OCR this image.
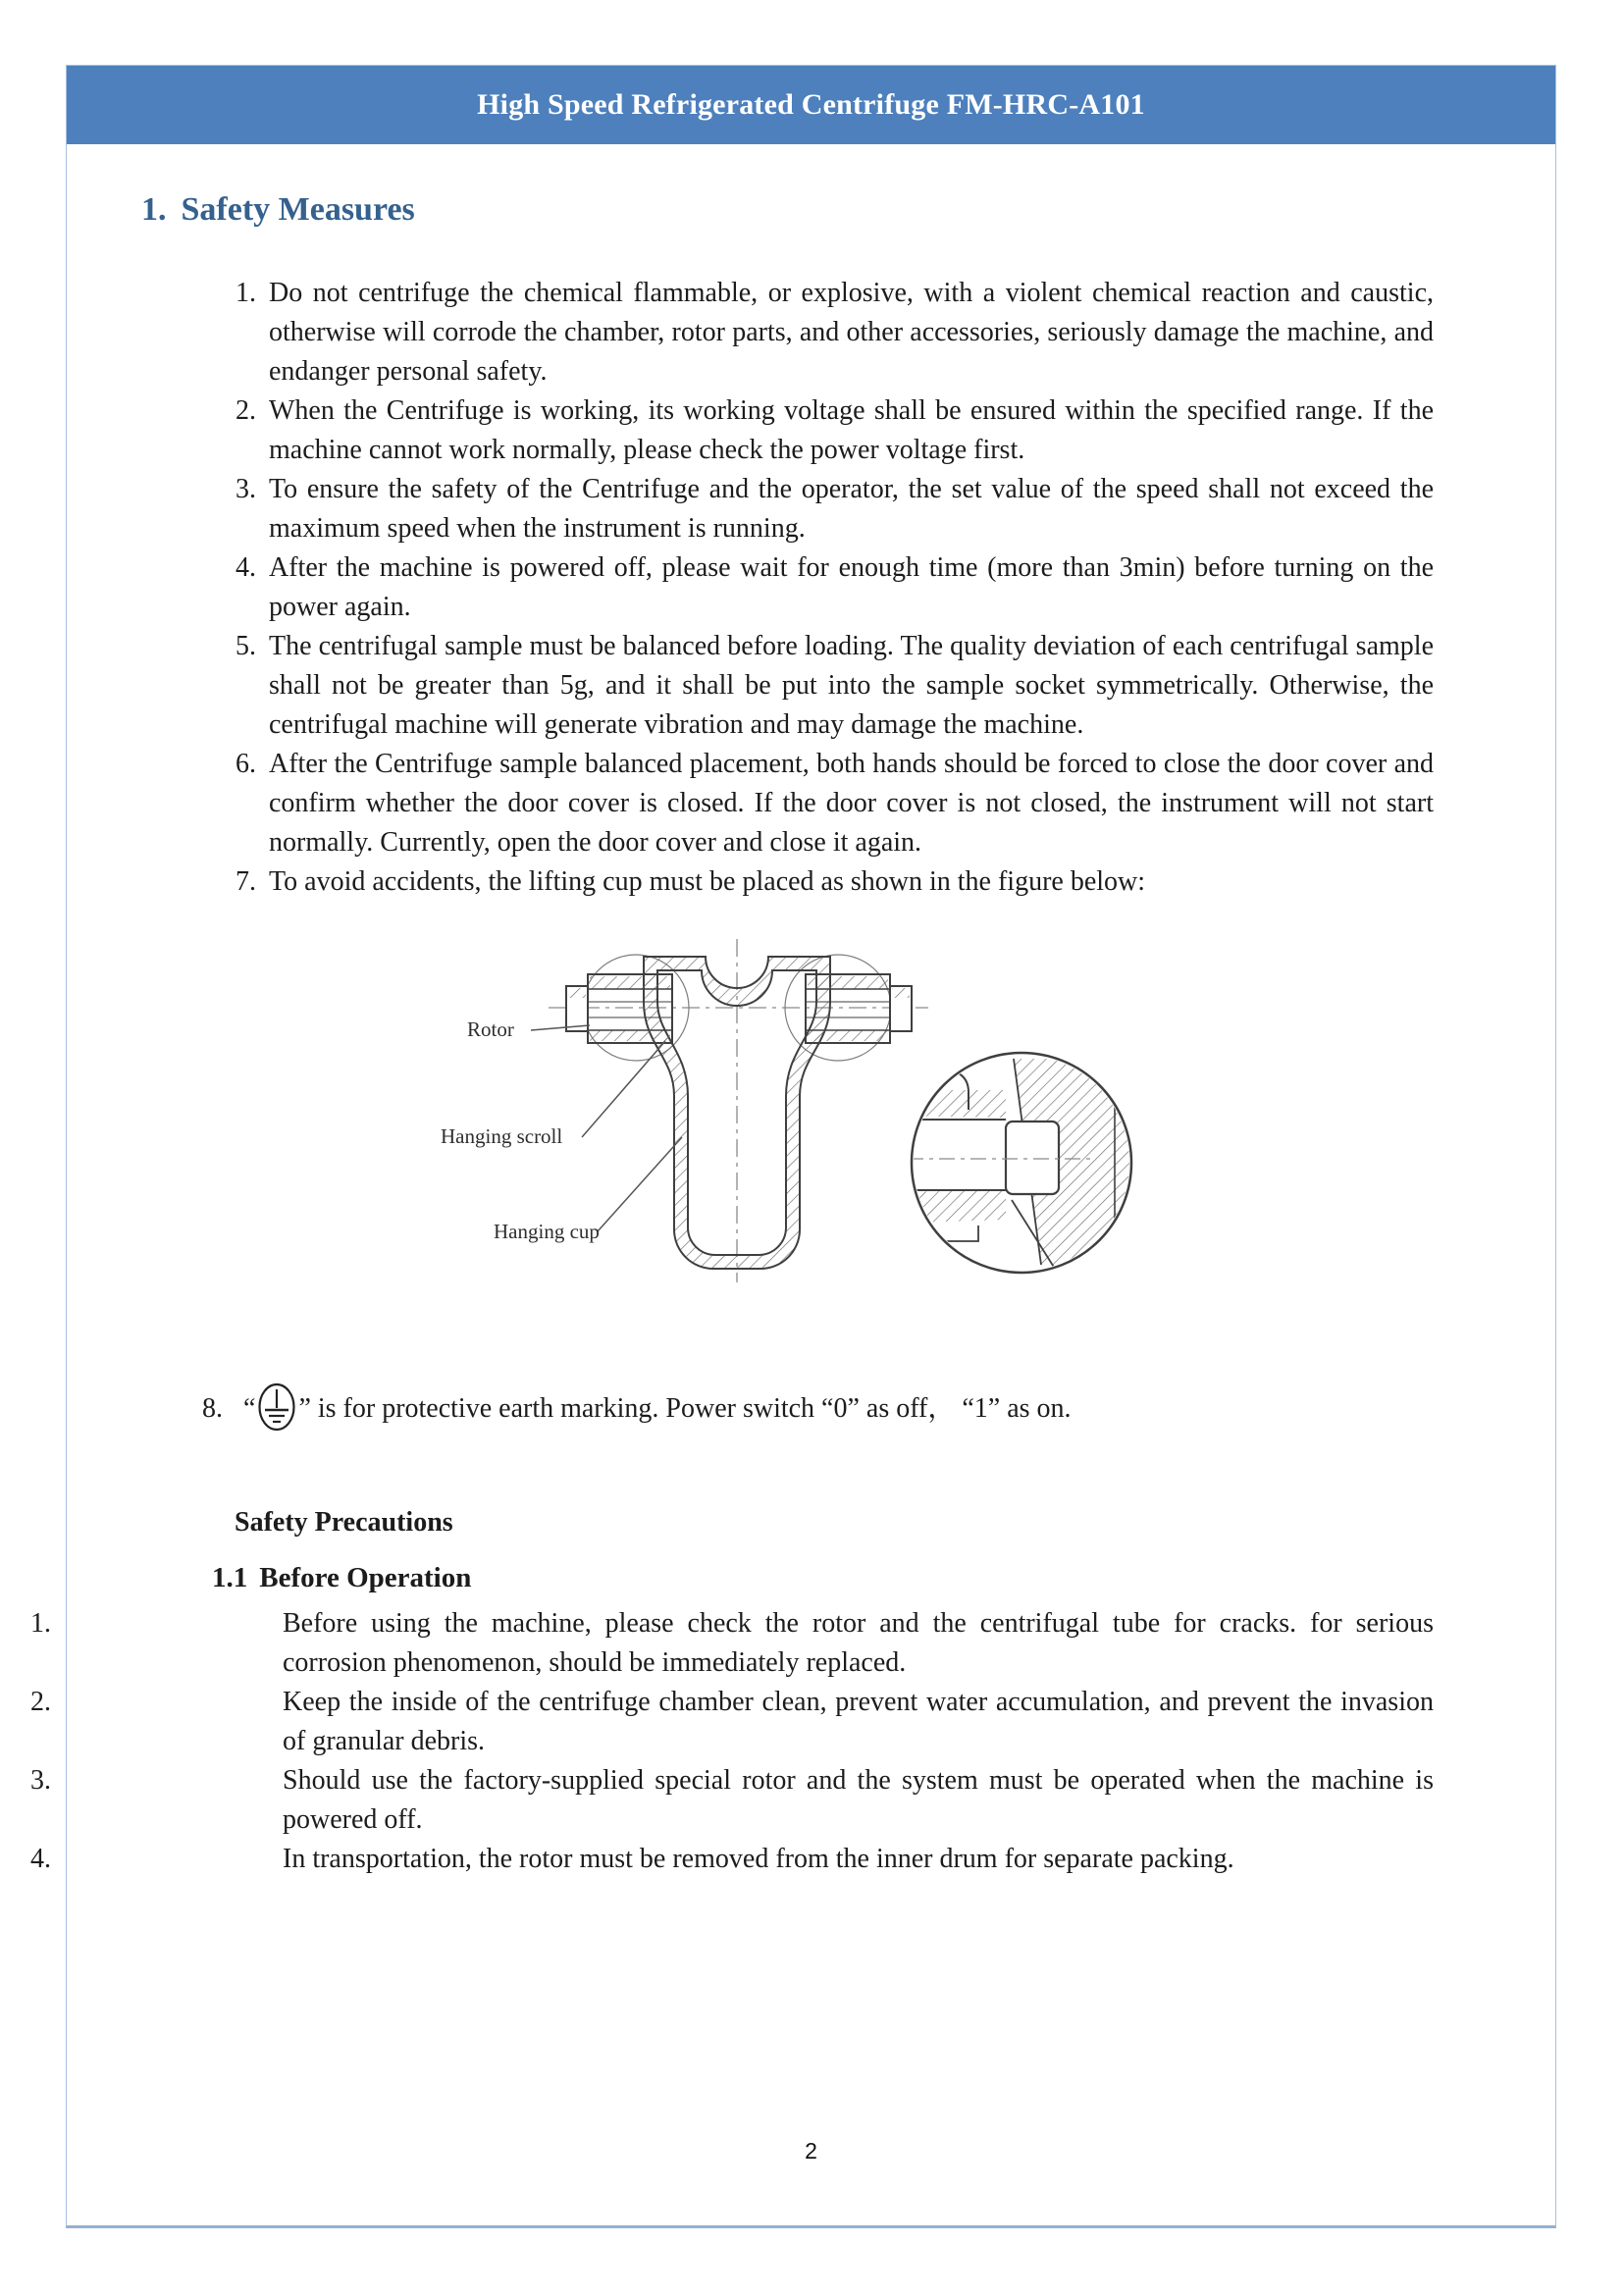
High Speed Refrigerated Centrifuge FM-HRC-A101
1. Safety Measures
1. Do not centrifuge the chemical flammable, or explosive, with a violent chemical reaction and caustic, otherwise will corrode the chamber, rotor parts, and other accessories, seriously damage the machine, and endanger personal safety.
2. When the Centrifuge is working, its working voltage shall be ensured within the specified range. If the machine cannot work normally, please check the power voltage first.
3. To ensure the safety of the Centrifuge and the operator, the set value of the speed shall not exceed the maximum speed when the instrument is running.
4. After the machine is powered off, please wait for enough time (more than 3min) before turning on the power again.
5. The centrifugal sample must be balanced before loading. The quality deviation of each centrifugal sample shall not be greater than 5g, and it shall be put into the sample socket symmetrically. Otherwise, the centrifugal machine will generate vibration and may damage the machine.
6. After the Centrifuge sample balanced placement, both hands should be forced to close the door cover and confirm whether the door cover is closed. If the door cover is not closed, the instrument will not start normally. Currently, open the door cover and close it again.
7. To avoid accidents, the lifting cup must be placed as shown in the figure below:
Rotor
Hanging scroll
Hanging cup
8. “ ” is for protective earth marking. Power switch “0” as off， “1” as on.
Safety Precautions
1.1 Before Operation
1.	Before using the machine, please check the rotor and the centrifugal tube for cracks. for serious corrosion phenomenon, should be immediately replaced.
2.	Keep the inside of the centrifuge chamber clean, prevent water accumulation, and prevent the invasion of granular debris.
3.	Should use the factory-supplied special rotor and the system must be operated when the machine is powered off.
4.	In transportation, the rotor must be removed from the inner drum for separate packing.
2
